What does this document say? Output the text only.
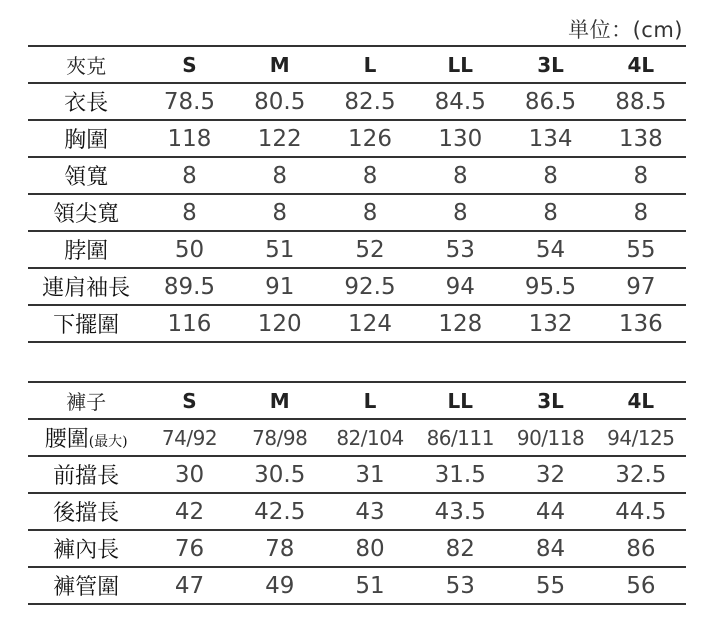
単位：(cm)
夾克	S	M	L	LL	3L	4L
衣長	78.5	80.5	82.5	84.5	86.5	88.5
胸圍	118	122	126	130	134	138
領寬	8	8	8	8	8	8
領尖寬	8	8	8	8	8	8
脖圍	50	51	52	53	54	55
連肩袖長	89.5	91	92.5	94	95.5	97
下擺圍	116	120	124	128	132	136
褲子	S	M	L	LL	3L	4L
腰圍(最大)	74/92	78/98	82/104	86/111	90/118	94/125
前擋長	30	30.5	31	31.5	32	32.5
後擋長	42	42.5	43	43.5	44	44.5
褲內長	76	78	80	82	84	86
褲管圍	47	49	51	53	55	56
